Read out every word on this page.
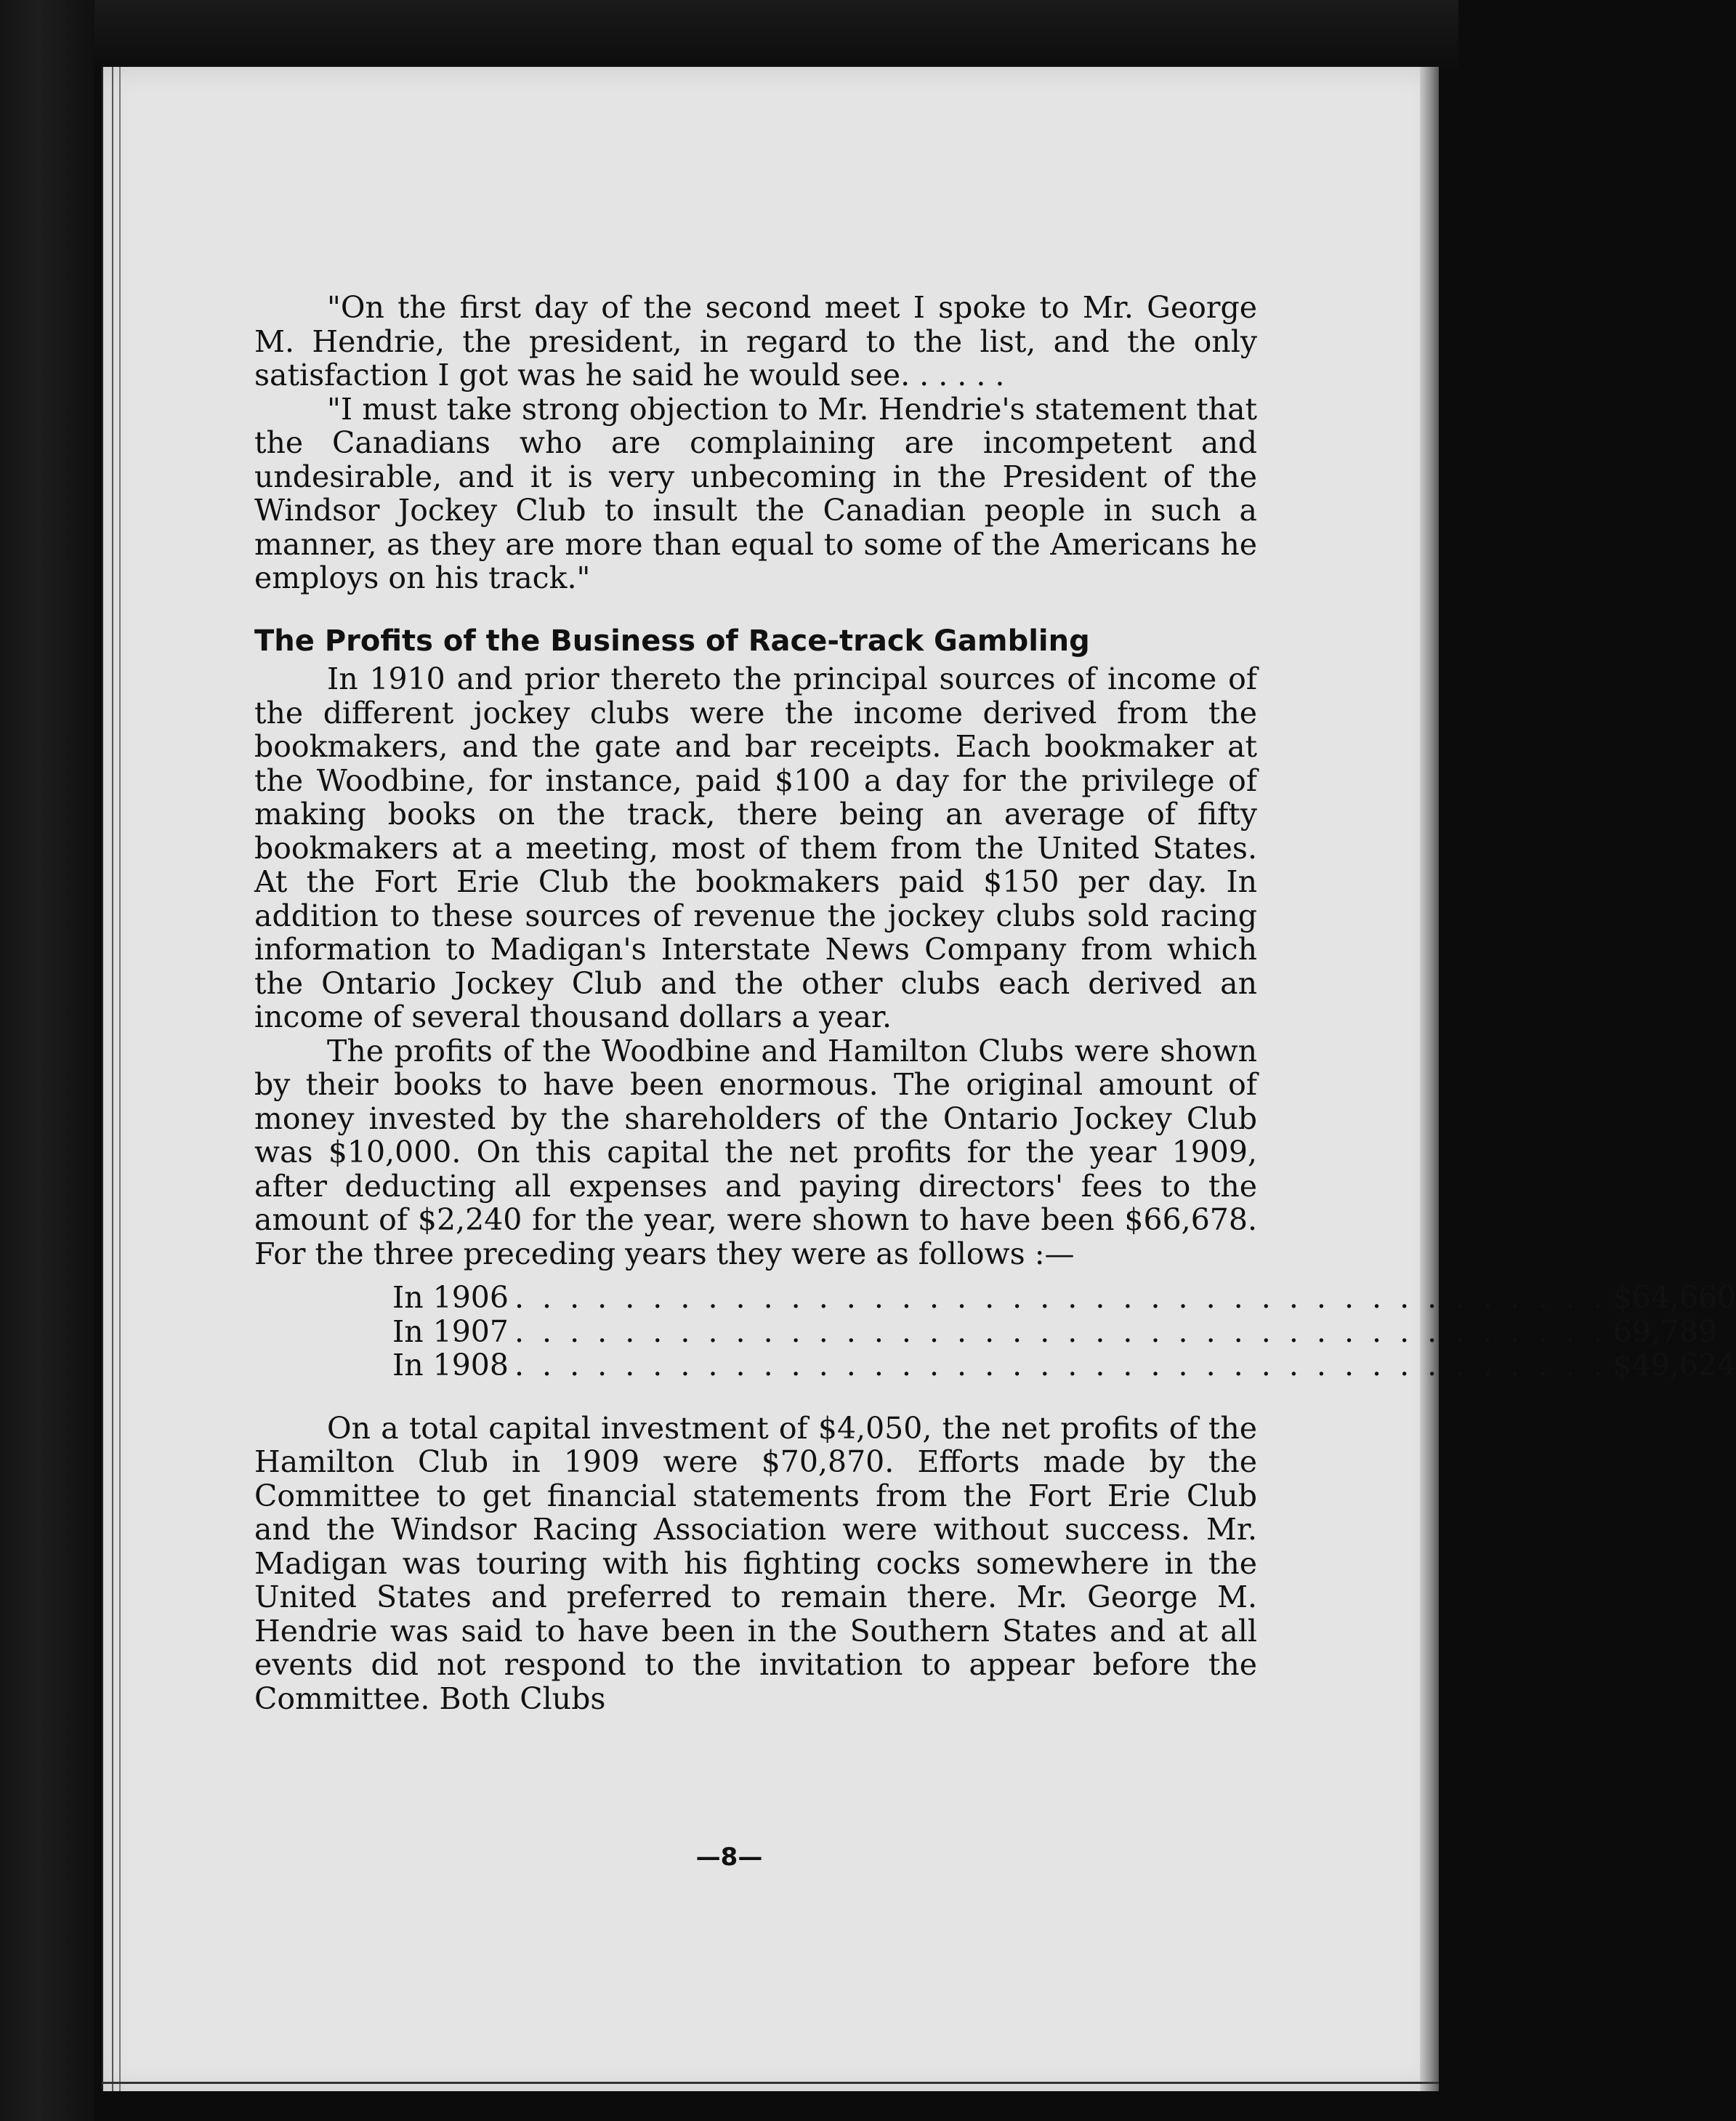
"On the first day of the second meet I spoke to Mr. George M. Hendrie, the president, in regard to the list, and the only satisfaction I got was he said he would see. . . . . .

"I must take strong objection to Mr. Hendrie's statement that the Canadians who are complaining are incompetent and undesirable, and it is very unbecoming in the President of the Windsor Jockey Club to insult the Canadian people in such a manner, as they are more than equal to some of the Americans he employs on his track."

The Profits of the Business of Race-track Gambling

In 1910 and prior thereto the principal sources of income of the different jockey clubs were the income derived from the bookmakers, and the gate and bar receipts. Each bookmaker at the Woodbine, for instance, paid $100 a day for the privilege of making books on the track, there being an average of fifty bookmakers at a meeting, most of them from the United States. At the Fort Erie Club the bookmakers paid $150 per day. In addition to these sources of revenue the jockey clubs sold racing information to Madigan's Interstate News Company from which the Ontario Jockey Club and the other clubs each derived an income of several thousand dollars a year.

The profits of the Woodbine and Hamilton Clubs were shown by their books to have been enormous. The original amount of money invested by the shareholders of the Ontario Jockey Club was $10,000. On this capital the net profits for the year 1909, after deducting all expenses and paying directors' fees to the amount of $2,240 for the year, were shown to have been $66,678. For the three preceding years they were as follows :—

In 1906 . . . . . . . . . . . . . . . . . . . . . . . . . . . . . . . . . . . . . . . . $64,660
In 1907 . . . . . . . . . . . . . . . . . . . . . . . . . . . . . . . . . . . . . . . . 69,789
In 1908 . . . . . . . . . . . . . . . . . . . . . . . . . . . . . . . . . . . . . . . . $49,624

On a total capital investment of $4,050, the net profits of the Hamilton Club in 1909 were $70,870. Efforts made by the Committee to get financial statements from the Fort Erie Club and the Windsor Racing Association were without success. Mr. Madigan was touring with his fighting cocks somewhere in the United States and preferred to remain there. Mr. George M. Hendrie was said to have been in the Southern States and at all events did not respond to the invitation to appear before the Committee. Both Clubs

—8—
